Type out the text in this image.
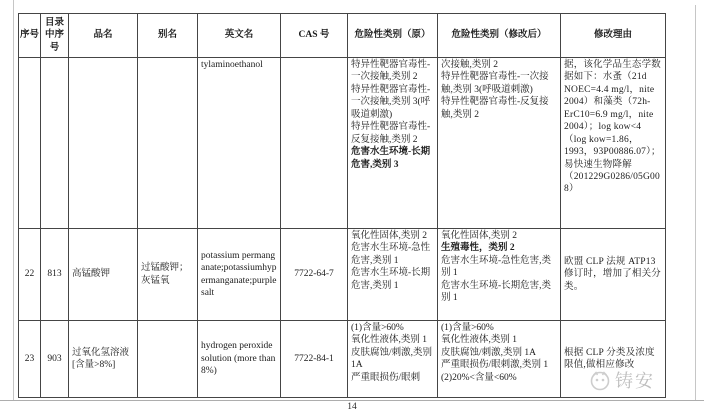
序号	目录中序号	品名	别名	英文名	CAS 号	危险性类别（原）	危险性类别（修改后）	修改理由
				tylaminoethanol		特异性靶器官毒性-一次接触,类别 2
特异性靶器官毒性-一次接触,类别 3(呼吸道刺激)
特异性靶器官毒性-反复接触,类别 2
危害水生环境-长期危害,类别 3

次接触,类别 2
特异性靶器官毒性-一次接触,类别 3(呼吸道刺激)
特异性靶器官毒性-反复接触,类别 2
	据，该化学品生态学数据如下：水蚤（21d NOEC=4.4 mg/l，nite 2004）和藻类（72h-ErC10=6.9 mg/l，nite 2004）；log kow<4（log kow=1.86，1993，93P00886.07）；易快速生物降解（201229G0286/05G008）
22	813	高锰酸钾	过锰酸钾；灰锰氧	potassium permanganate;potassiumhypermanganate;purple salt	7722-64-7	
氧化性固体,类别 2
危害水生环境-急性危害,类别 1
危害水生环境-长期危害,类别 1

氧化性固体,类别 2
生殖毒性，类别 2
危害水生环境-急性危害,类别 1
危害水生环境-长期危害,类别 1
	欧盟 CLP 法规 ATP13 修订时，增加了相关分类。
23	903	过氧化氢溶液[含量>8%]		hydrogen peroxide solution (more than 8%)	7722-84-1	
(1)含量>60%
氧化性液体,类别 1
皮肤腐蚀/刺激,类别 1A
严重眼损伤/眼刺

(1)含量>60%
氧化性液体,类别 1
皮肤腐蚀/刺激,类别 1A
严重眼损伤/眼刺激,类别 1
(2)20%<含量<60%
	根据 CLP 分类及浓度限值,做相应修改
铸安
14
